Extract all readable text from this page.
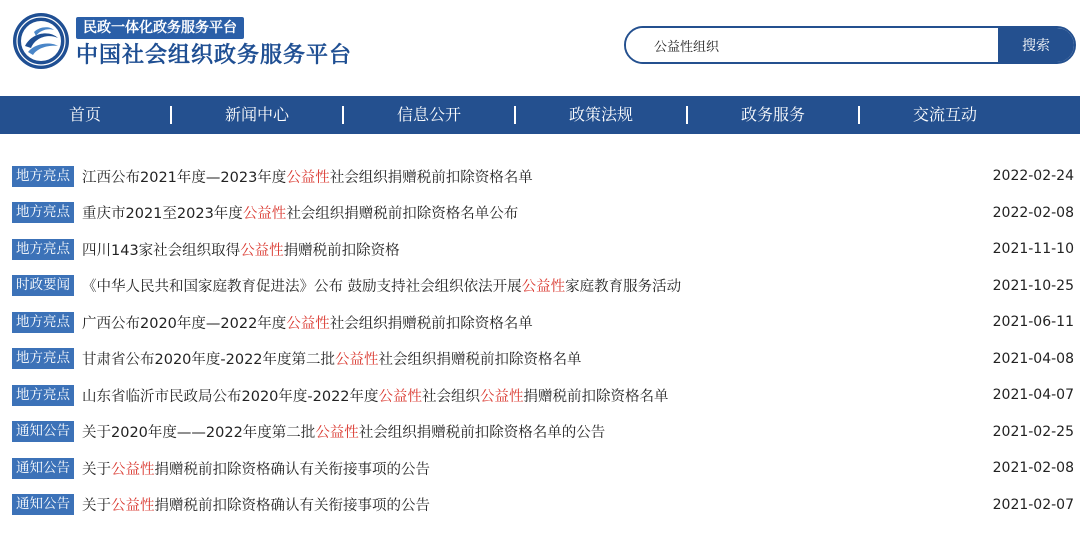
民政一体化政务服务平台
中国社会组织政务服务平台
公益性组织	搜索
首页	新闻中心	信息公开	政策法规	政务服务	交流互动
地方亮点 江西公布2021年度—2023年度公益性社会组织捐赠税前扣除资格名单	2022-02-24
地方亮点 重庆市2021至2023年度公益性社会组织捐赠税前扣除资格名单公布	2022-02-08
地方亮点 四川143家社会组织取得公益性捐赠税前扣除资格	2021-11-10
时政要闻 《中华人民共和国家庭教育促进法》公布 鼓励支持社会组织依法开展公益性家庭教育服务活动	2021-10-25
地方亮点 广西公布2020年度—2022年度公益性社会组织捐赠税前扣除资格名单	2021-06-11
地方亮点 甘肃省公布2020年度-2022年度第二批公益性社会组织捐赠税前扣除资格名单	2021-04-08
地方亮点 山东省临沂市民政局公布2020年度-2022年度公益性社会组织公益性捐赠税前扣除资格名单	2021-04-07
通知公告 关于2020年度——2022年度第二批公益性社会组织捐赠税前扣除资格名单的公告	2021-02-25
通知公告 关于公益性捐赠税前扣除资格确认有关衔接事项的公告	2021-02-08
通知公告 关于公益性捐赠税前扣除资格确认有关衔接事项的公告	2021-02-07
